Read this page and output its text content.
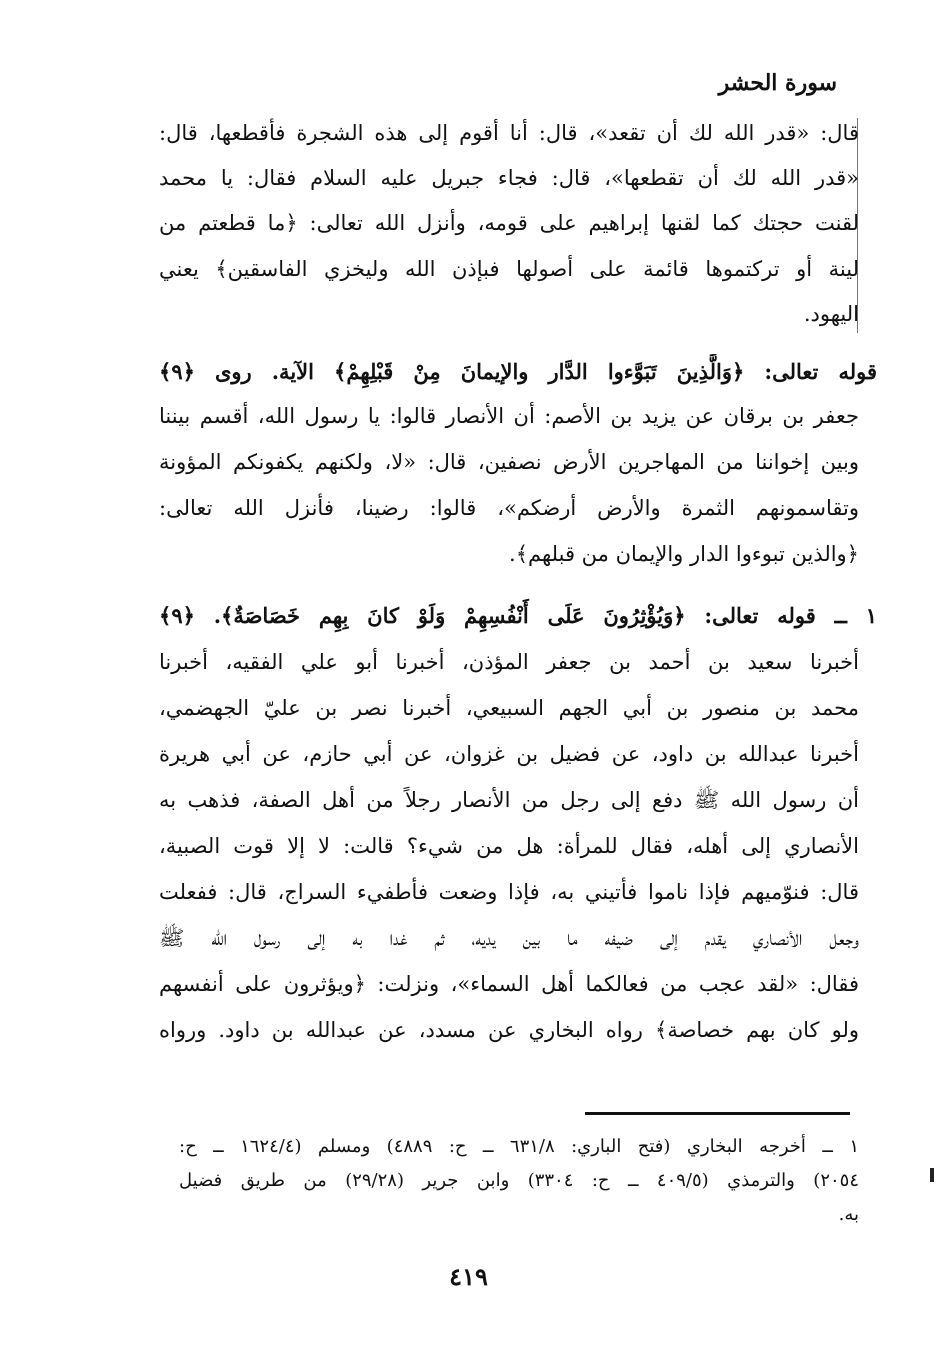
سورة الحشر
قال: «قدر الله لك أن تقعد»، قال: أنا أقوم إلى هذه الشجرة فأقطعها، قال:
«قدر الله لك أن تقطعها»، قال: فجاء جبريل عليه السلام فقال: يا محمد
لقنت حجتك كما لقنها إبراهيم على قومه، وأنزل الله تعالى: ﴿ما قطعتم من
لينة أو تركتموها قائمة على أصولها فبإذن الله وليخزي الفاسقين﴾ يعني
اليهود.
قوله تعالى: ﴿وَالَّذِينَ تَبَوَّءوا الدَّار والإيمانَ مِنْ قَبْلِهِمْ﴾ الآية. روى ﴿٩﴾
جعفر بن برقان عن يزيد بن الأصم: أن الأنصار قالوا: يا رسول الله، أقسم بيننا
وبين إخواننا من المهاجرين الأرض نصفين، قال: «لا، ولكنهم يكفونكم المؤونة
وتقاسمونهم الثمرة والأرض أرضكم»، قالوا: رضينا، فأنزل الله تعالى:
﴿والذين تبوءوا الدار والإيمان من قبلهم﴾.
١ ــ قوله تعالى: ﴿وَيُؤْثِرُونَ عَلَى أَنْفُسِهِمْ وَلَوْ كانَ بِهِم خَصَاصَةٌ﴾. ﴿٩﴾
أخبرنا سعيد بن أحمد بن جعفر المؤذن، أخبرنا أبو علي الفقيه، أخبرنا
محمد بن منصور بن أبي الجهم السبيعي، أخبرنا نصر بن عليّ الجهضمي،
أخبرنا عبدالله بن داود، عن فضيل بن غزوان، عن أبي حازم، عن أبي هريرة
أن رسول الله ﷺ دفع إلى رجل من الأنصار رجلاً من أهل الصفة، فذهب به
الأنصاري إلى أهله، فقال للمرأة: هل من شيء؟ قالت: لا إلا قوت الصبية،
قال: فنوّميهم فإذا ناموا فأتيني به، فإذا وضعت فأطفيء السراج، قال: ففعلت
وجعل الأنصاري يقدم إلى ضيفه ما بين يديه، ثم غدا به إلى رسول الله ﷺ
فقال: «لقد عجب من فعالكما أهل السماء»، ونزلت: ﴿ويؤثرون على أنفسهم
ولو كان بهم خصاصة﴾ رواه البخاري عن مسدد، عن عبدالله بن داود. ورواه
١ ــ أخرجه البخاري (فتح الباري: ٦٣١/٨ ــ ح: ٤٨٨٩) ومسلم (١٦٢٤/٤ ــ ح:
٢٠٥٤) والترمذي (٤٠٩/٥ ــ ح: ٣٣٠٤) وابن جرير (٢٩/٢٨) من طريق فضيل
به.
٤١٩
